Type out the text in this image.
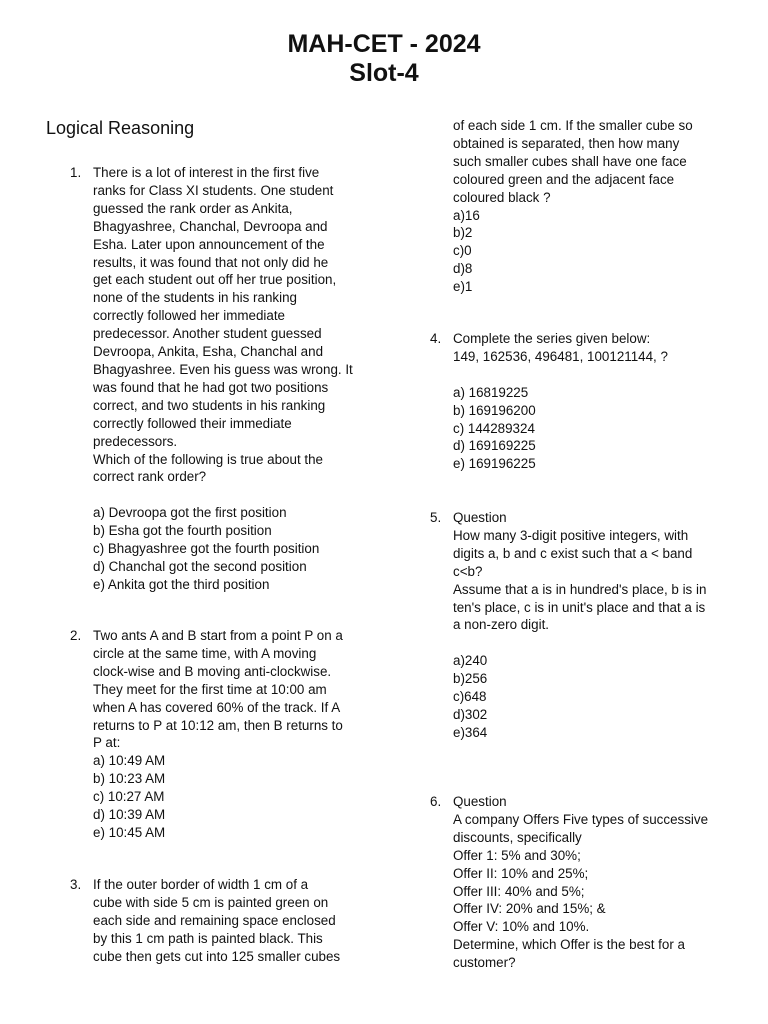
MAH-CET - 2024
Slot-4
Logical Reasoning
1. There is a lot of interest in the first five
ranks for Class XI students. One student
guessed the rank order as Ankita,
Bhagyashree, Chanchal, Devroopa and
Esha. Later upon announcement of the
results, it was found that not only did he
get each student out off her true position,
none of the students in his ranking
correctly followed her immediate
predecessor. Another student guessed
Devroopa, Ankita, Esha, Chanchal and
Bhagyashree. Even his guess was wrong. It
was found that he had got two positions
correct, and two students in his ranking
correctly followed their immediate
predecessors.
Which of the following is true about the
correct rank order?
a) Devroopa got the first position
b) Esha got the fourth position
c) Bhagyashree got the fourth position
d) Chanchal got the second position
e) Ankita got the third position
2. Two ants A and B start from a point P on a
circle at the same time, with A moving
clock-wise and B moving anti-clockwise.
They meet for the first time at 10:00 am
when A has covered 60% of the track. If A
returns to P at 10:12 am, then B returns to
P at:
a) 10:49 AM
b) 10:23 AM
c) 10:27 AM
d) 10:39 AM
e) 10:45 AM
3. If the outer border of width 1 cm of a
cube with side 5 cm is painted green on
each side and remaining space enclosed
by this 1 cm path is painted black. This
cube then gets cut into 125 smaller cubes
of each side 1 cm. If the smaller cube so
obtained is separated, then how many
such smaller cubes shall have one face
coloured green and the adjacent face
coloured black ?
a)16
b)2
c)0
d)8
e)1
4. Complete the series given below:
149, 162536, 496481, 100121144, ?
a) 16819225
b) 169196200
c) 144289324
d) 169169225
e) 169196225
5. Question
How many 3-digit positive integers, with
digits a, b and c exist such that a < band
c<b?
Assume that a is in hundred's place, b is in
ten's place, c is in unit's place and that a is
a non-zero digit.
a)240
b)256
c)648
d)302
e)364
6. Question
A company Offers Five types of successive
discounts, specifically
Offer 1: 5% and 30%;
Offer II: 10% and 25%;
Offer III: 40% and 5%;
Offer IV: 20% and 15%; &
Offer V: 10% and 10%.
Determine, which Offer is the best for a
customer?
